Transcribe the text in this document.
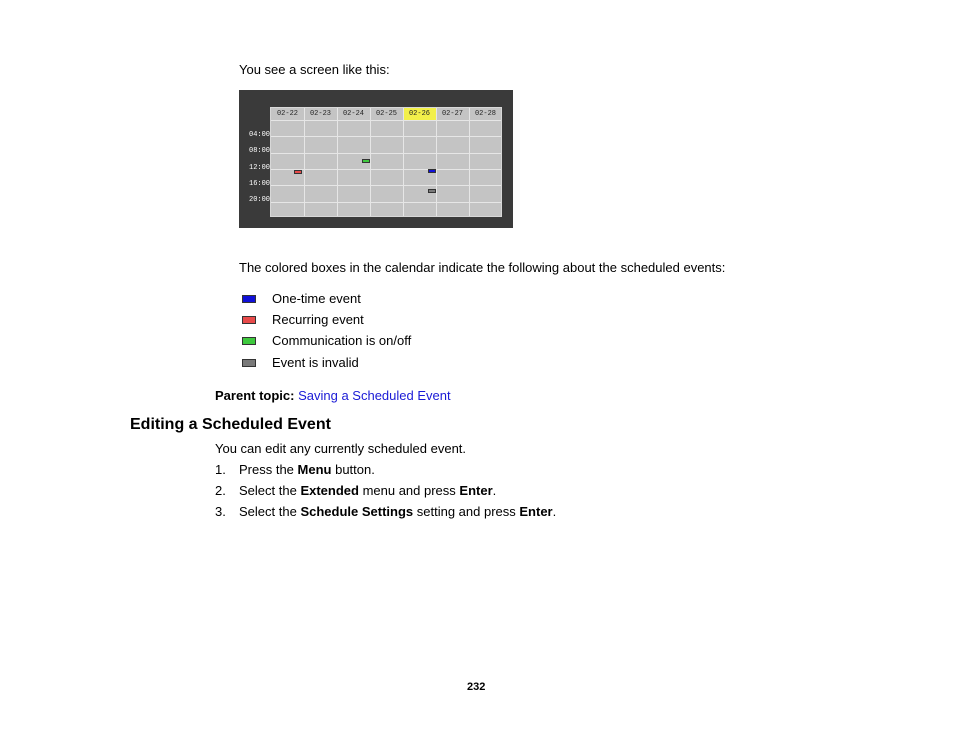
You see a screen like this:
02-22	02-23	02-24	02-25	02-26	02-27	02-28
04:00
08:00
12:00
16:00
20:00
The colored boxes in the calendar indicate the following about the scheduled events:
One-time event
Recurring event
Communication is on/off
Event is invalid
Parent topic: Saving a Scheduled Event
Editing a Scheduled Event
You can edit any currently scheduled event.
1. Press the Menu button.
2. Select the Extended menu and press Enter.
3. Select the Schedule Settings setting and press Enter.
232
